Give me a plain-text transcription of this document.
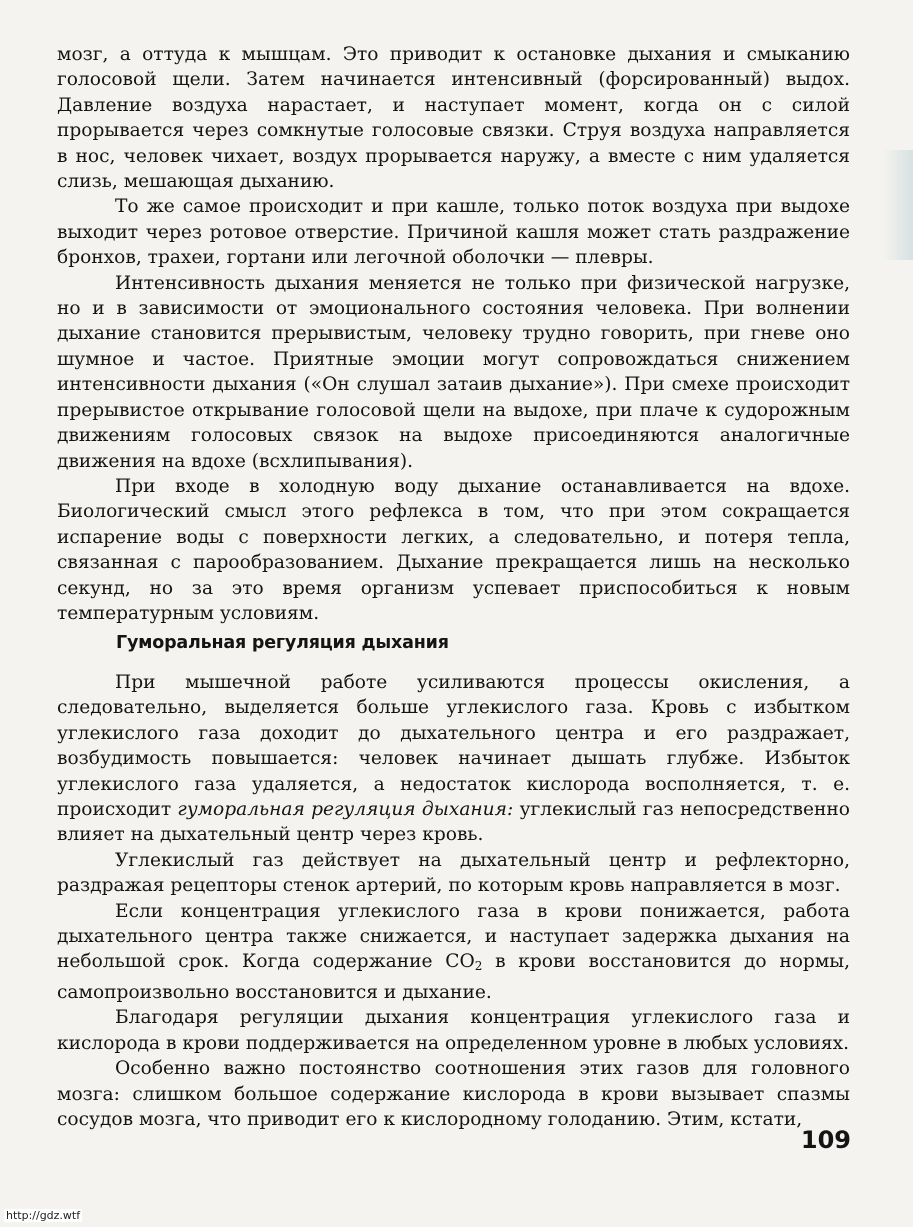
мозг, а оттуда к мышцам. Это приводит к остановке дыхания и смыканию голосовой щели. Затем начинается интенсивный (форсированный) выдох. Давление воздуха нарастает, и наступает момент, когда он с силой прорывается через сомкнутые голосовые связки. Струя воздуха направляется в нос, человек чихает, воздух прорывается наружу, а вместе с ним удаляется слизь, мешающая дыханию.

То же самое происходит и при кашле, только поток воздуха при выдохе выходит через ротовое отверстие. Причиной кашля может стать раздражение бронхов, трахеи, гортани или легочной оболочки — плевры.

Интенсивность дыхания меняется не только при физической нагрузке, но и в зависимости от эмоционального состояния человека. При волнении дыхание становится прерывистым, человеку трудно говорить, при гневе оно шумное и частое. Приятные эмоции могут сопровождаться снижением интенсивности дыхания («Он слушал затаив дыхание»). При смехе происходит прерывистое открывание голосовой щели на выдохе, при плаче к судорожным движениям голосовых связок на выдохе присоединяются аналогичные движения на вдохе (всхлипывания).

При входе в холодную воду дыхание останавливается на вдохе. Биологический смысл этого рефлекса в том, что при этом сокращается испарение воды с поверхности легких, а следовательно, и потеря тепла, связанная с парообразованием. Дыхание прекращается лишь на несколько секунд, но за это время организм успевает приспособиться к новым температурным условиям.

Гуморальная регуляция дыхания

При мышечной работе усиливаются процессы окисления, а следовательно, выделяется больше углекислого газа. Кровь с избытком углекислого газа доходит до дыхательного центра и его раздражает, возбудимость повышается: человек начинает дышать глубже. Избыток углекислого газа удаляется, а недостаток кислорода восполняется, т. е. происходит гуморальная регуляция дыхания: углекислый газ непосредственно влияет на дыхательный центр через кровь.

Углекислый газ действует на дыхательный центр и рефлекторно, раздражая рецепторы стенок артерий, по которым кровь направляется в мозг.

Если концентрация углекислого газа в крови понижается, работа дыхательного центра также снижается, и наступает задержка дыхания на небольшой срок. Когда содержание $CO_2$ в крови восстановится до нормы, самопроизвольно восстановится и дыхание.

Благодаря регуляции дыхания концентрация углекислого газа и кислорода в крови поддерживается на определенном уровне в любых условиях.

Особенно важно постоянство соотношения этих газов для головного мозга: слишком большое содержание кислорода в крови вызывает спазмы сосудов мозга, что приводит его к кислородному голоданию. Этим, кстати,

109
http://gdz.wtf
